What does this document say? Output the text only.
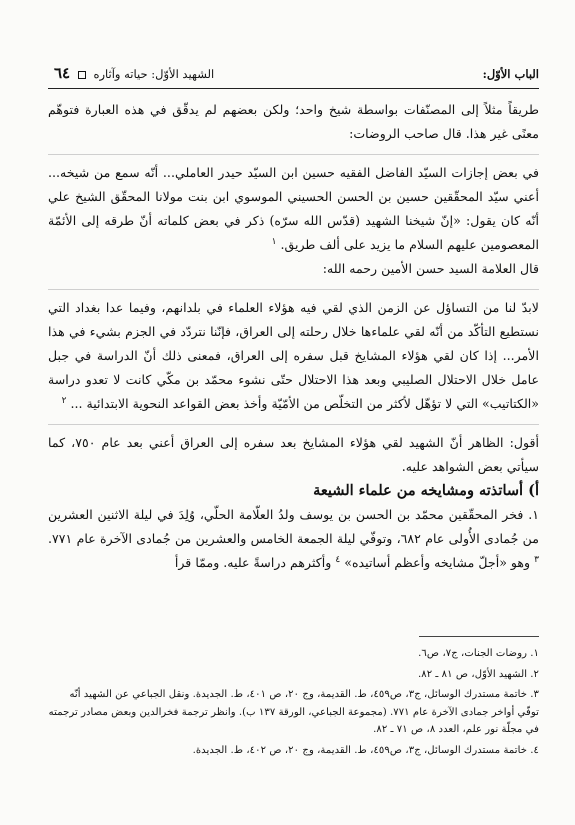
الباب الأوّل:
الشهيد الأوّل: حياته وآثاره  ٦٤

طريقاً مثلاً إلى المصنّفات بواسطة شيخ واحد؛ ولكن بعضهم لم يدقّق في هذه العبارة فتوهّم معنًى غير هذا. قال صاحب الروضات:

في بعض إجازات السيّد الفاضل الفقيه حسين ابن السيّد حيدر العاملي... أنّه سمع من شيخه... أعني سيّد المحقّقين حسين بن الحسن الحسيني الموسوي ابن بنت مولانا المحقّق الشيخ علي أنّه كان يقول: «إنّ شيخنا الشهيد (قدّس الله سرّه) ذكر في بعض كلماته أنّ طرقه إلى الأئمّة المعصومين عليهم السلام ما يزيد على ألف طريق. $^١$

قال العلامة السيد حسن الأمين رحمه الله:

لابدّ لنا من التساؤل عن الزمن الذي لقي فيه هؤلاء العلماء في بلدانهم، وفيما عدا بغداد التي نستطيع التأكّد من أنّه لقي علماءها خلال رحلته إلى العراق، فإنّنا نتردّد في الجزم بشيء في هذا الأمر... إذا كان لقي هؤلاء المشايخ قبل سفره إلى العراق، فمعنى ذلك أنّ الدراسة في جبل عامل خلال الاحتلال الصليبي وبعد هذا الاحتلال حتّى نشوء محمّد بن مكّي كانت لا تعدو دراسة «الكتاتيب» التي لا تؤهّل لأكثر من التخلّص من الأمّيّة وأخذ بعض القواعد النحوية الابتدائية ... $^٢$

أقول: الظاهر أنّ الشهيد لقي هؤلاء المشايخ بعد سفره إلى العراق أعني بعد عام ٧٥٠، كما سيأتي بعض الشواهد عليه.

أ) أساتذته ومشايخه من علماء الشيعة

١. فخر المحقّقين محمّد بن الحسن بن يوسف ولدُ العلّامة الحلّي، وُلِدَ في ليلة الاثنين العشرين من جُمادى الأُولى عام ٦٨٢، وتوفّي ليلة الجمعة الخامس والعشرين من جُمادى الآخرة عام ٧٧١. $^٣$ وهو «أجلّ مشايخه وأعظم أساتيده» $^٤$ وأكثرهم دراسةً عليه. وممّا قرأ

١. روضات الجنات، ج٧، ص٦.

٢. الشهيد الأوّل، ص ٨١ ـ ٨٢.

٣. خاتمة مستدرك الوسائل، ج٣، ص٤٥٩، ط. القديمة، وج ٢٠، ص ٤٠١، ط. الجديدة. ونقل الجباعي عن الشهيد أنّه توفّي أواخر جمادى الآخرة عام ٧٧١. (مجموعة الجباعي، الورقة ١٣٧ ب). وانظر ترجمة فخرالدين وبعض مصادر ترجمته في مجلّة نور علم، العدد ٨، ص ٧١ ـ ٨٢.

٤. خاتمة مستدرك الوسائل، ج٣، ص٤٥٩، ط. القديمة، وج ٢٠، ص ٤٠٢، ط. الجديدة.
